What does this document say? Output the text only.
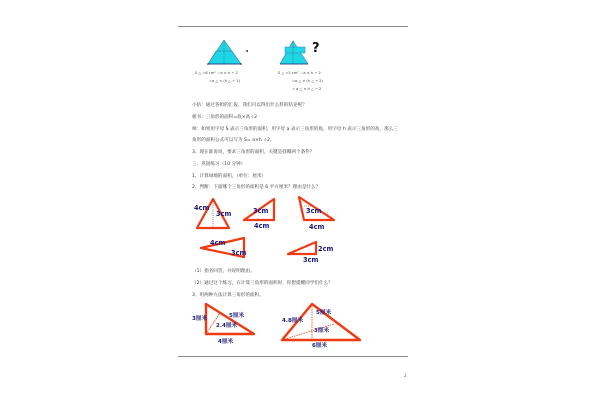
▪	?
S △ =6 cm² ＝a × h ÷ 2
=a △ × (h △ ÷ 2)
S △ =5 cm² ＝a × h ÷ 2
=a △ × (h △ ÷ 2)
= a △ × h △ ÷ 2
小结：通过各组的汇报，我们可以得出什么样的结论呢？
板书：三角形的面积=底×高÷2
师：如果用字母 S 表示三角形的面积，用字母 a 表示三角形的底，用字母 h 表示三角形的高，那么三
角形的面积公式可以写为 S= a×h ÷2。
3、现在谁说说，要求三角形的面积，关键是找哪两个条件？
三、巩固练习（10 分钟）
1、计算绿地的面积。（单位：厘米）
2、判断：下面哪个三角形的面积是 6 平方厘米？理由是什么？
4cm
3cm	3cm
4cm
3cm
4cm
4cm
3cm	2cm
3cm
（1）指名回答，并说明理由。
（2）通过这个练习，在计算三角形的面积时，你想提醒同学们什么？
3、用两种方法计算三角形的面积。
3厘米	5厘米
2.4厘米
4厘米
4.8厘米
5厘米
3厘米
6厘米
2
